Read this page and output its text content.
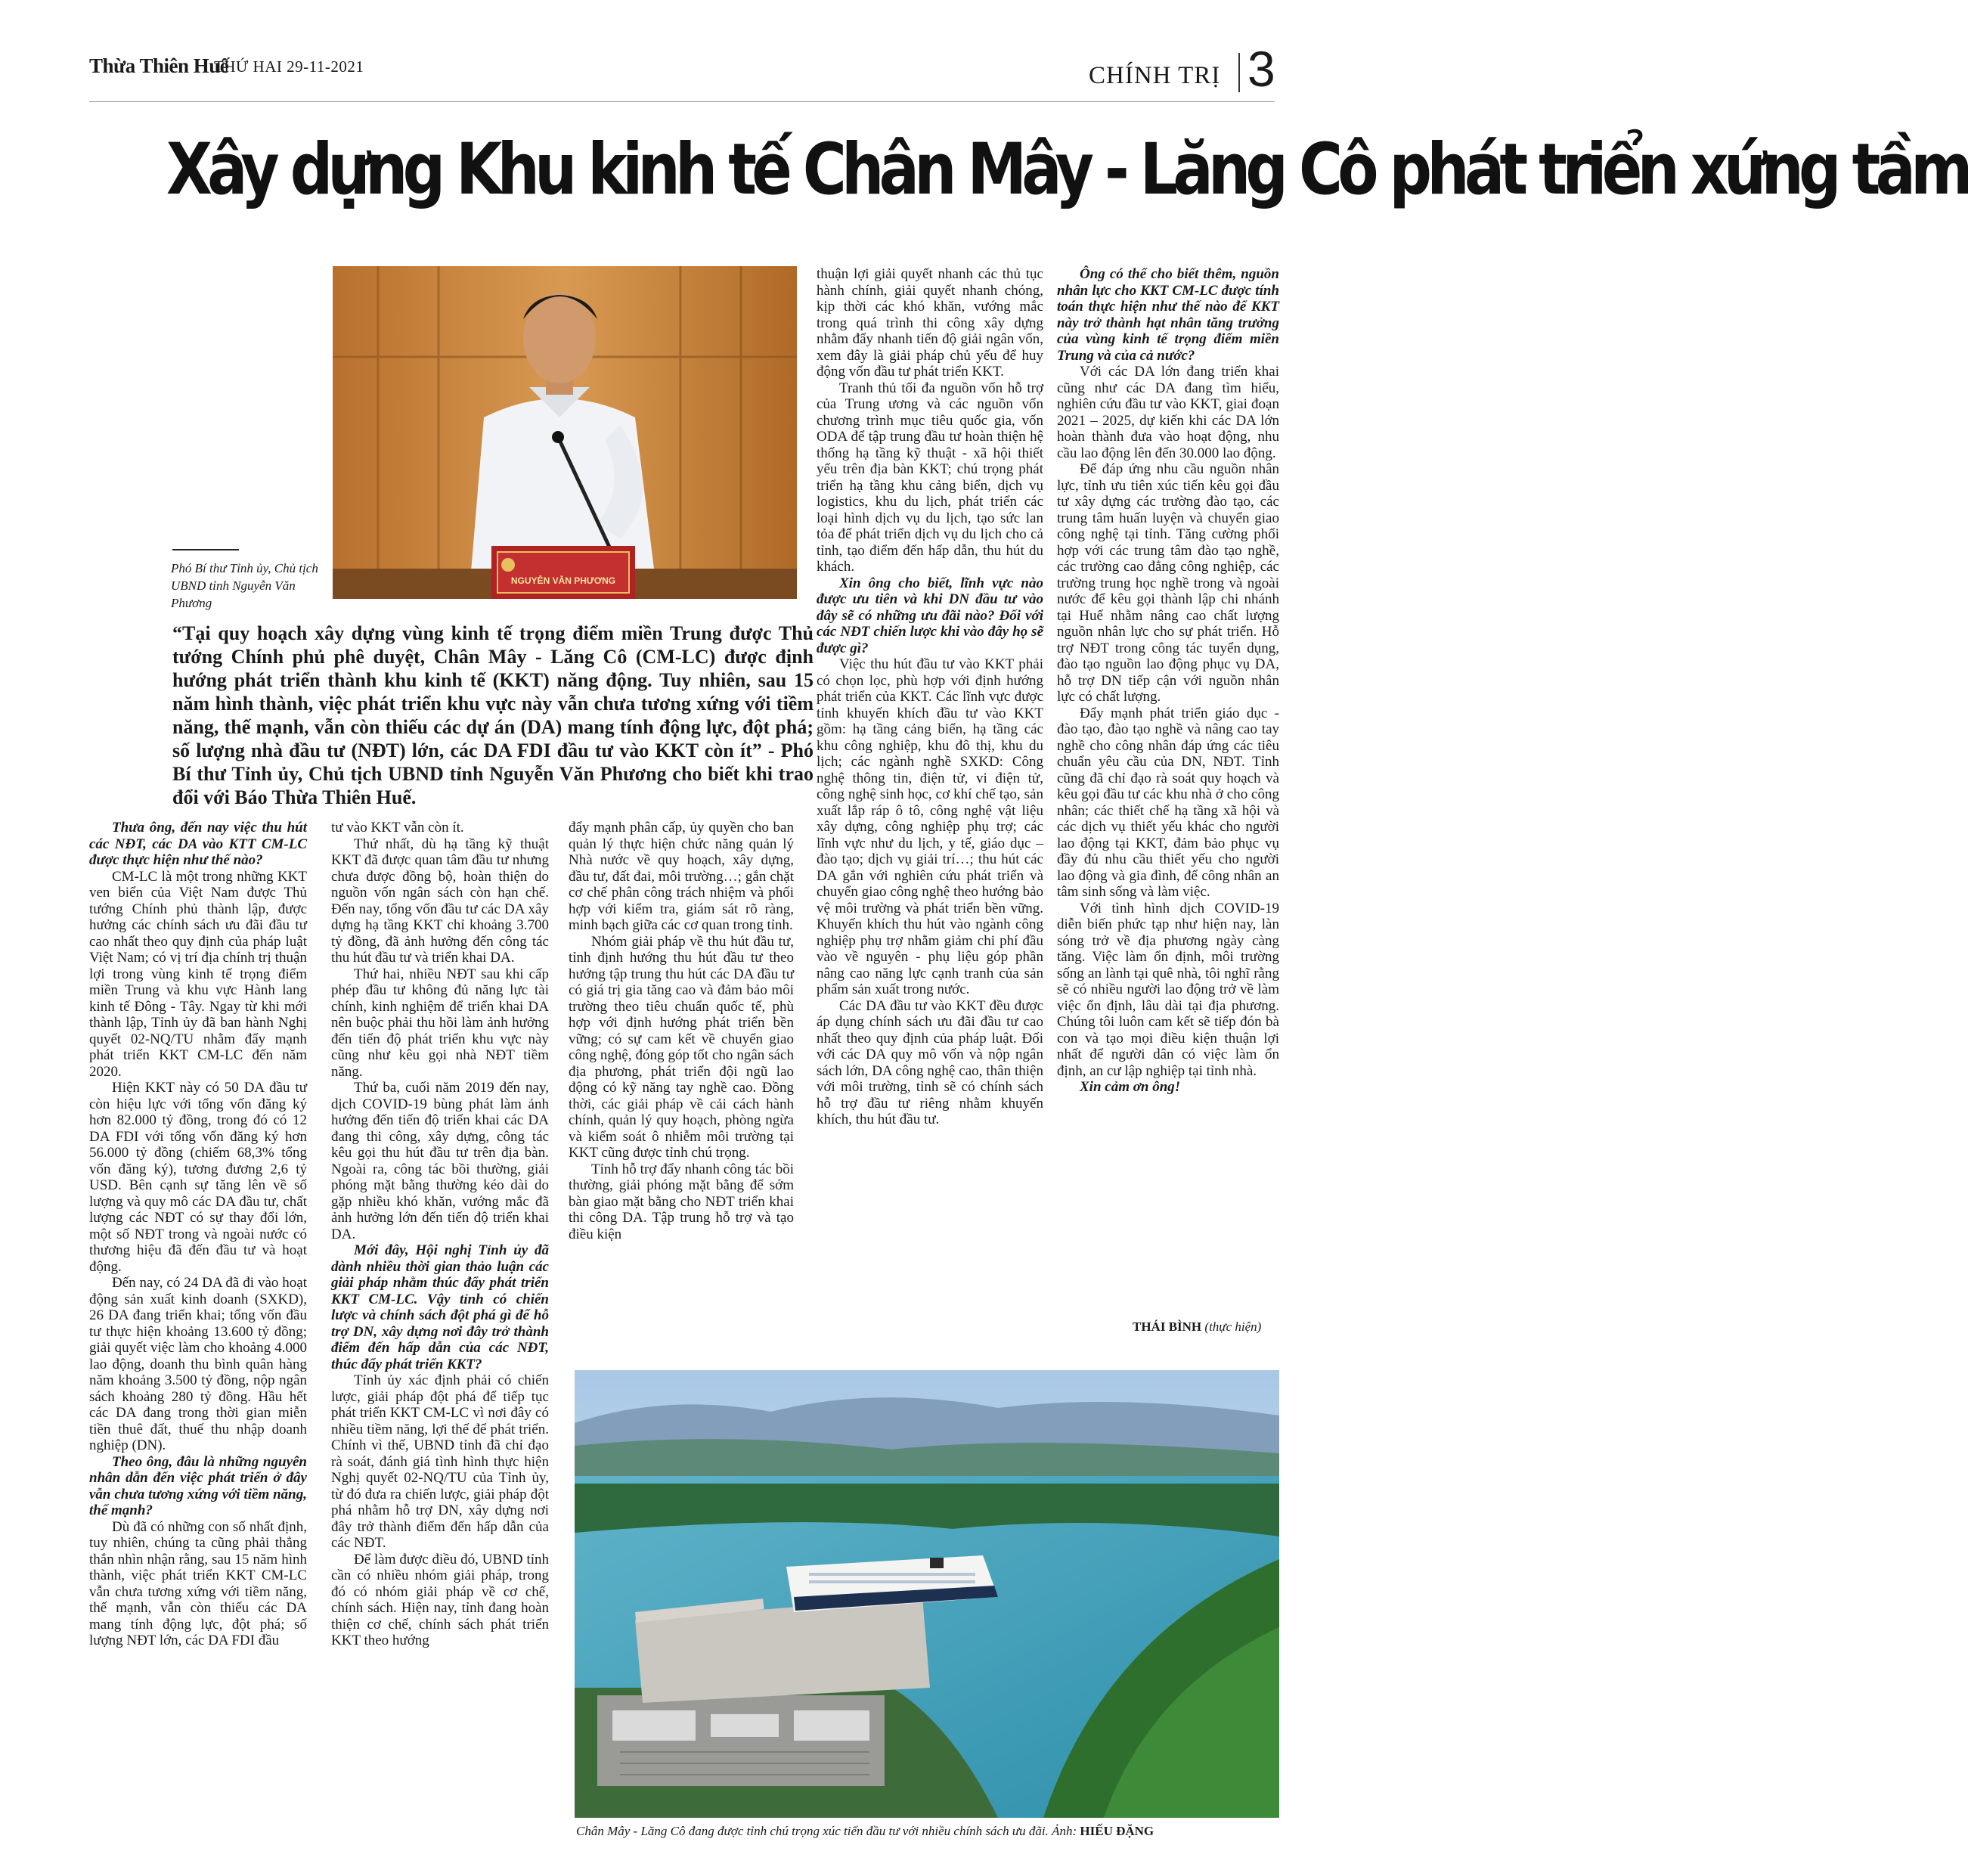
Thừa Thiên Huế
THỨ HAI 29-11-2021	CHÍNH TRỊ 3
Xây dựng Khu kinh tế Chân Mây - Lăng Cô phát triển xứng tầm
NGUYỄN VĂN PHƯƠNG
Phó Bí thư Tỉnh ủy, Chủ tịch UBND tỉnh Nguyễn Văn Phương
“Tại quy hoạch xây dựng vùng kinh tế trọng điểm miền Trung được Thủ tướng Chính phủ phê duyệt, Chân Mây - Lăng Cô (CM-LC) được định hướng phát triển thành khu kinh tế (KKT) năng động. Tuy nhiên, sau 15 năm hình thành, việc phát triển khu vực này vẫn chưa tương xứng với tiềm năng, thế mạnh, vẫn còn thiếu các dự án (DA) mang tính động lực, đột phá; số lượng nhà đầu tư (NĐT) lớn, các DA FDI đầu tư vào KKT còn ít” - Phó Bí thư Tỉnh ủy, Chủ tịch UBND tỉnh Nguyễn Văn Phương cho biết khi trao đổi với Báo Thừa Thiên Huế.

Thưa ông, đến nay việc thu hút các NĐT, các DA vào KTT CM-LC được thực hiện như thế nào?

CM-LC là một trong những KKT ven biển của Việt Nam được Thủ tướng Chính phủ thành lập, được hưởng các chính sách ưu đãi đầu tư cao nhất theo quy định của pháp luật Việt Nam; có vị trí địa chính trị thuận lợi trong vùng kinh tế trọng điểm miền Trung và khu vực Hành lang kinh tế Đông - Tây. Ngay từ khi mới thành lập, Tỉnh ủy đã ban hành Nghị quyết 02-NQ/TU nhằm đẩy mạnh phát triển KKT CM-LC đến năm 2020.

Hiện KKT này có 50 DA đầu tư còn hiệu lực với tổng vốn đăng ký hơn 82.000 tỷ đồng, trong đó có 12 DA FDI với tổng vốn đăng ký hơn 56.000 tỷ đồng (chiếm 68,3% tổng vốn đăng ký), tương đương 2,6 tỷ USD. Bên cạnh sự tăng lên về số lượng và quy mô các DA đầu tư, chất lượng các NĐT có sự thay đổi lớn, một số NĐT trong và ngoài nước có thương hiệu đã đến đầu tư và hoạt động.

Đến nay, có 24 DA đã đi vào hoạt động sản xuất kinh doanh (SXKD), 26 DA đang triển khai; tổng vốn đầu tư thực hiện khoảng 13.600 tỷ đồng; giải quyết việc làm cho khoảng 4.000 lao động, doanh thu bình quân hàng năm khoảng 3.500 tỷ đồng, nộp ngân sách khoảng 280 tỷ đồng. Hầu hết các DA đang trong thời gian miễn tiền thuê đất, thuế thu nhập doanh nghiệp (DN).

Theo ông, đâu là những nguyên nhân dẫn đến việc phát triển ở đây vẫn chưa tương xứng với tiềm năng, thế mạnh?

Dù đã có những con số nhất định, tuy nhiên, chúng ta cũng phải thẳng thắn nhìn nhận rằng, sau 15 năm hình thành, việc phát triển KKT CM-LC vẫn chưa tương xứng với tiềm năng, thế mạnh, vẫn còn thiếu các DA mang tính động lực, đột phá; số lượng NĐT lớn, các DA FDI đầu

tư vào KKT vẫn còn ít.

Thứ nhất, dù hạ tầng kỹ thuật KKT đã được quan tâm đầu tư nhưng chưa được đồng bộ, hoàn thiện do nguồn vốn ngân sách còn hạn chế. Đến nay, tổng vốn đầu tư các DA xây dựng hạ tầng KKT chỉ khoảng 3.700 tỷ đồng, đã ảnh hưởng đến công tác thu hút đầu tư và triển khai DA.

Thứ hai, nhiều NĐT sau khi cấp phép đầu tư không đủ năng lực tài chính, kinh nghiệm để triển khai DA nên buộc phải thu hồi làm ảnh hưởng đến tiến độ phát triển khu vực này cũng như kêu gọi nhà NĐT tiềm năng.

Thứ ba, cuối năm 2019 đến nay, dịch COVID-19 bùng phát làm ảnh hưởng đến tiến độ triển khai các DA đang thi công, xây dựng, công tác kêu gọi thu hút đầu tư trên địa bàn. Ngoài ra, công tác bồi thường, giải phóng mặt bằng thường kéo dài do gặp nhiều khó khăn, vướng mắc đã ảnh hưởng lớn đến tiến độ triển khai DA.

Mới đây, Hội nghị Tỉnh ủy đã dành nhiều thời gian thảo luận các giải pháp nhằm thúc đẩy phát triển KKT CM-LC. Vậy tỉnh có chiến lược và chính sách đột phá gì để hỗ trợ DN, xây dựng nơi đây trở thành điểm đến hấp dẫn của các NĐT, thúc đẩy phát triển KKT?

Tỉnh ủy xác định phải có chiến lược, giải pháp đột phá để tiếp tục phát triển KKT CM-LC vì nơi đây có nhiều tiềm năng, lợi thế để phát triển. Chính vì thế, UBND tỉnh đã chỉ đạo rà soát, đánh giá tình hình thực hiện Nghị quyết 02-NQ/TU của Tỉnh ủy, từ đó đưa ra chiến lược, giải pháp đột phá nhằm hỗ trợ DN, xây dựng nơi đây trở thành điểm đến hấp dẫn của các NĐT.

Để làm được điều đó, UBND tỉnh cần có nhiều nhóm giải pháp, trong đó có nhóm giải pháp về cơ chế, chính sách. Hiện nay, tỉnh đang hoàn thiện cơ chế, chính sách phát triển KKT theo hướng

đẩy mạnh phân cấp, ủy quyền cho ban quản lý thực hiện chức năng quản lý Nhà nước về quy hoạch, xây dựng, đầu tư, đất đai, môi trường…; gắn chặt cơ chế phân công trách nhiệm và phối hợp với kiểm tra, giám sát rõ ràng, minh bạch giữa các cơ quan trong tỉnh.

Nhóm giải pháp về thu hút đầu tư, tỉnh định hướng thu hút đầu tư theo hướng tập trung thu hút các DA đầu tư có giá trị gia tăng cao và đảm bảo môi trường theo tiêu chuẩn quốc tế, phù hợp với định hướng phát triển bền vững; có sự cam kết về chuyển giao công nghệ, đóng góp tốt cho ngân sách địa phương, phát triển đội ngũ lao động có kỹ năng tay nghề cao. Đồng thời, các giải pháp về cải cách hành chính, quản lý quy hoạch, phòng ngừa và kiểm soát ô nhiễm môi trường tại KKT cũng được tỉnh chú trọng.

Tỉnh hỗ trợ đẩy nhanh công tác bồi thường, giải phóng mặt bằng để sớm bàn giao mặt bằng cho NĐT triển khai thi công DA. Tập trung hỗ trợ và tạo điều kiện

thuận lợi giải quyết nhanh các thủ tục hành chính, giải quyết nhanh chóng, kịp thời các khó khăn, vướng mắc trong quá trình thi công xây dựng nhằm đẩy nhanh tiến độ giải ngân vốn, xem đây là giải pháp chủ yếu để huy động vốn đầu tư phát triển KKT.

Tranh thủ tối đa nguồn vốn hỗ trợ của Trung ương và các nguồn vốn chương trình mục tiêu quốc gia, vốn ODA để tập trung đầu tư hoàn thiện hệ thống hạ tầng kỹ thuật - xã hội thiết yếu trên địa bàn KKT; chú trọng phát triển hạ tầng khu cảng biển, dịch vụ logistics, khu du lịch, phát triển các loại hình dịch vụ du lịch, tạo sức lan tỏa để phát triển dịch vụ du lịch cho cả tỉnh, tạo điểm đến hấp dẫn, thu hút du khách.

Xin ông cho biết, lĩnh vực nào được ưu tiên và khi DN đầu tư vào đây sẽ có những ưu đãi nào? Đối với các NĐT chiến lược khi vào đây họ sẽ được gì?

Việc thu hút đầu tư vào KKT phải có chọn lọc, phù hợp với định hướng phát triển của KKT. Các lĩnh vực được tỉnh khuyến khích đầu tư vào KKT gồm: hạ tầng cảng biển, hạ tầng các khu công nghiệp, khu đô thị, khu du lịch; các ngành nghề SXKD: Công nghệ thông tin, điện tử, vi điện tử, công nghệ sinh học, cơ khí chế tạo, sản xuất lắp ráp ô tô, công nghệ vật liệu xây dựng, công nghiệp phụ trợ; các lĩnh vực như du lịch, y tế, giáo dục – đào tạo; dịch vụ giải trí…; thu hút các DA gắn với nghiên cứu phát triển và chuyển giao công nghệ theo hướng bảo vệ môi trường và phát triển bền vững. Khuyến khích thu hút vào ngành công nghiệp phụ trợ nhằm giảm chi phí đầu vào về nguyên - phụ liệu góp phần nâng cao năng lực cạnh tranh của sản phẩm sản xuất trong nước.

Các DA đầu tư vào KKT đều được áp dụng chính sách ưu đãi đầu tư cao nhất theo quy định của pháp luật. Đối với các DA quy mô vốn và nộp ngân sách lớn, DA công nghệ cao, thân thiện với môi trường, tỉnh sẽ có chính sách hỗ trợ đầu tư riêng nhằm khuyến khích, thu hút đầu tư.

Ông có thể cho biết thêm, nguồn nhân lực cho KKT CM-LC được tính toán thực hiện như thế nào để KKT này trở thành hạt nhân tăng trưởng của vùng kinh tế trọng điểm miền Trung và của cả nước?

Với các DA lớn đang triển khai cũng như các DA đang tìm hiểu, nghiên cứu đầu tư vào KKT, giai đoạn 2021 – 2025, dự kiến khi các DA lớn hoàn thành đưa vào hoạt động, nhu cầu lao động lên đến 30.000 lao động.

Để đáp ứng nhu cầu nguồn nhân lực, tỉnh ưu tiên xúc tiến kêu gọi đầu tư xây dựng các trường đào tạo, các trung tâm huấn luyện và chuyển giao công nghệ tại tỉnh. Tăng cường phối hợp với các trung tâm đào tạo nghề, các trường cao đẳng công nghiệp, các trường trung học nghề trong và ngoài nước để kêu gọi thành lập chi nhánh tại Huế nhằm nâng cao chất lượng nguồn nhân lực cho sự phát triển. Hỗ trợ NĐT trong công tác tuyển dụng, đào tạo nguồn lao động phục vụ DA, hỗ trợ DN tiếp cận với nguồn nhân lực có chất lượng.

Đẩy mạnh phát triển giáo dục - đào tạo, đào tạo nghề và nâng cao tay nghề cho công nhân đáp ứng các tiêu chuẩn yêu cầu của DN, NĐT. Tỉnh cũng đã chỉ đạo rà soát quy hoạch và kêu gọi đầu tư các khu nhà ở cho công nhân; các thiết chế hạ tầng xã hội và các dịch vụ thiết yếu khác cho người lao động tại KKT, đảm bảo phục vụ đầy đủ nhu cầu thiết yếu cho người lao động và gia đình, để công nhân an tâm sinh sống và làm việc.

Với tình hình dịch COVID-19 diễn biến phức tạp như hiện nay, làn sóng trở về địa phương ngày càng tăng. Việc làm ổn định, môi trường sống an lành tại quê nhà, tôi nghĩ rằng sẽ có nhiều người lao động trở về làm việc ổn định, lâu dài tại địa phương. Chúng tôi luôn cam kết sẽ tiếp đón bà con và tạo mọi điều kiện thuận lợi nhất để người dân có việc làm ổn định, an cư lập nghiệp tại tỉnh nhà.

Xin cảm ơn ông!

THÁI BÌNH (thực hiện)
Chân Mây - Lăng Cô đang được tỉnh chú trọng xúc tiến đầu tư với nhiều chính sách ưu đãi. Ảnh: HIẾU ĐẶNG
